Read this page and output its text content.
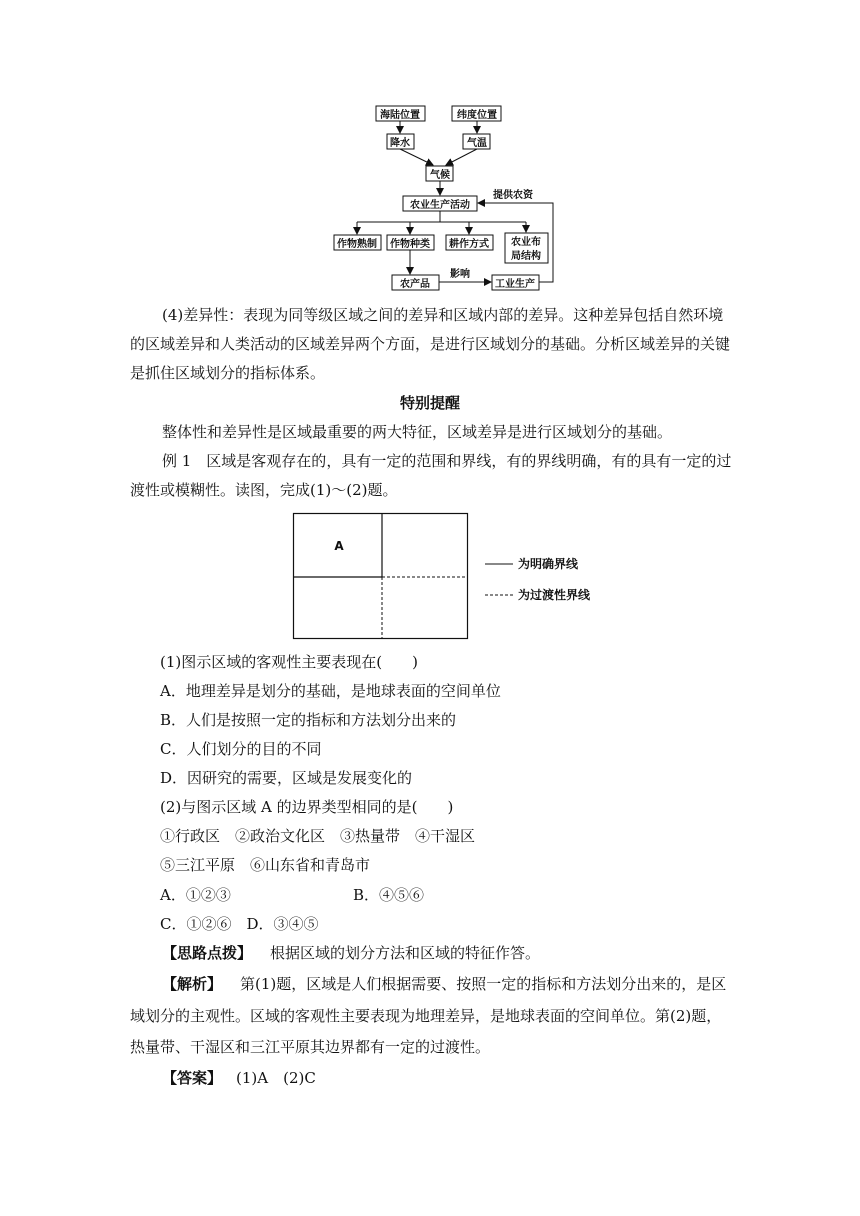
海陆位置	纬度位置
降水	气温
气候
农业生产活动
作物熟制 作物种类 耕作方式 农业布
局结构
农产品	工业生产
提供农资
影响
(4)差异性：表现为同等级区域之间的差异和区域内部的差异。这种差异包括自然环境
的区域差异和人类活动的区域差异两个方面，是进行区域划分的基础。分析区域差异的关键
是抓住区域划分的指标体系。
特别提醒
整体性和差异性是区域最重要的两大特征，区域差异是进行区域划分的基础。
例 1　区域是客观存在的，具有一定的范围和界线，有的界线明确，有的具有一定的过
渡性或模糊性。读图，完成(1)～(2)题。
A
为明确界线
为过渡性界线
(1)图示区域的客观性主要表现在(　　)
A．地理差异是划分的基础，是地球表面的空间单位
B．人们是按照一定的指标和方法划分出来的
C．人们划分的目的不同
D．因研究的需要，区域是发展变化的
(2)与图示区域 A 的边界类型相同的是(　　)
①行政区　②政治文化区　③热量带　④干湿区
⑤三江平原　⑥山东省和青岛市
A．①②③	B．④⑤⑥
C．①②⑥　D．③④⑤
【思路点拨】 根据区域的划分方法和区域的特征作答。
【解析】 第(1)题，区域是人们根据需要、按照一定的指标和方法划分出来的，是区
域划分的主观性。区域的客观性主要表现为地理差异，是地球表面的空间单位。第(2)题，
热量带、干湿区和三江平原其边界都有一定的过渡性。
【答案】 (1)A　(2)C
